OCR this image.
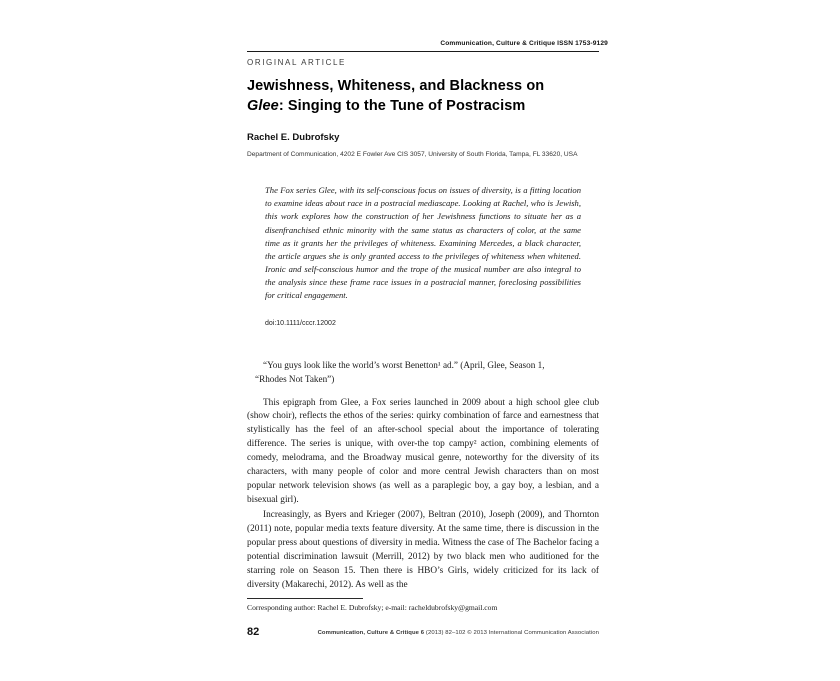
Communication, Culture & Critique ISSN 1753-9129
ORIGINAL ARTICLE
Jewishness, Whiteness, and Blackness on
Glee: Singing to the Tune of Postracism
Rachel E. Dubrofsky
Department of Communication, 4202 E Fowler Ave CIS 3057, University of South Florida, Tampa, FL 33620, USA
The Fox series Glee, with its self-conscious focus on issues of diversity, is a fitting location to examine ideas about race in a postracial mediascape. Looking at Rachel, who is Jewish, this work explores how the construction of her Jewishness functions to situate her as a disenfranchised ethnic minority with the same status as characters of color, at the same time as it grants her the privileges of whiteness. Examining Mercedes, a black character, the article argues she is only granted access to the privileges of whiteness when whitened. Ironic and self-conscious humor and the trope of the musical number are also integral to the analysis since these frame race issues in a postracial manner, foreclosing possibilities for critical engagement.
doi:10.1111/cccr.12002
“You guys look like the world’s worst Benetton¹ ad.” (April, Glee, Season 1,
“Rhodes Not Taken”)

This epigraph from Glee, a Fox series launched in 2009 about a high school glee club (show choir), reflects the ethos of the series: quirky combination of farce and earnestness that stylistically has the feel of an after-school special about the importance of tolerating difference. The series is unique, with over-the top campy² action, combining elements of comedy, melodrama, and the Broadway musical genre, noteworthy for the diversity of its characters, with many people of color and more central Jewish characters than on most popular network television shows (as well as a paraplegic boy, a gay boy, a lesbian, and a bisexual girl).

Increasingly, as Byers and Krieger (2007), Beltran (2010), Joseph (2009), and Thornton (2011) note, popular media texts feature diversity. At the same time, there is discussion in the popular press about questions of diversity in media. Witness the case of The Bachelor facing a potential discrimination lawsuit (Merrill, 2012) by two black men who auditioned for the starring role on Season 15. Then there is HBO’s Girls, widely criticized for its lack of diversity (Makarechi, 2012). As well as the

Corresponding author: Rachel E. Dubrofsky; e-mail: racheldubrofsky@gmail.com
82	Communication, Culture & Critique 6 (2013) 82–102 © 2013 International Communication Association
